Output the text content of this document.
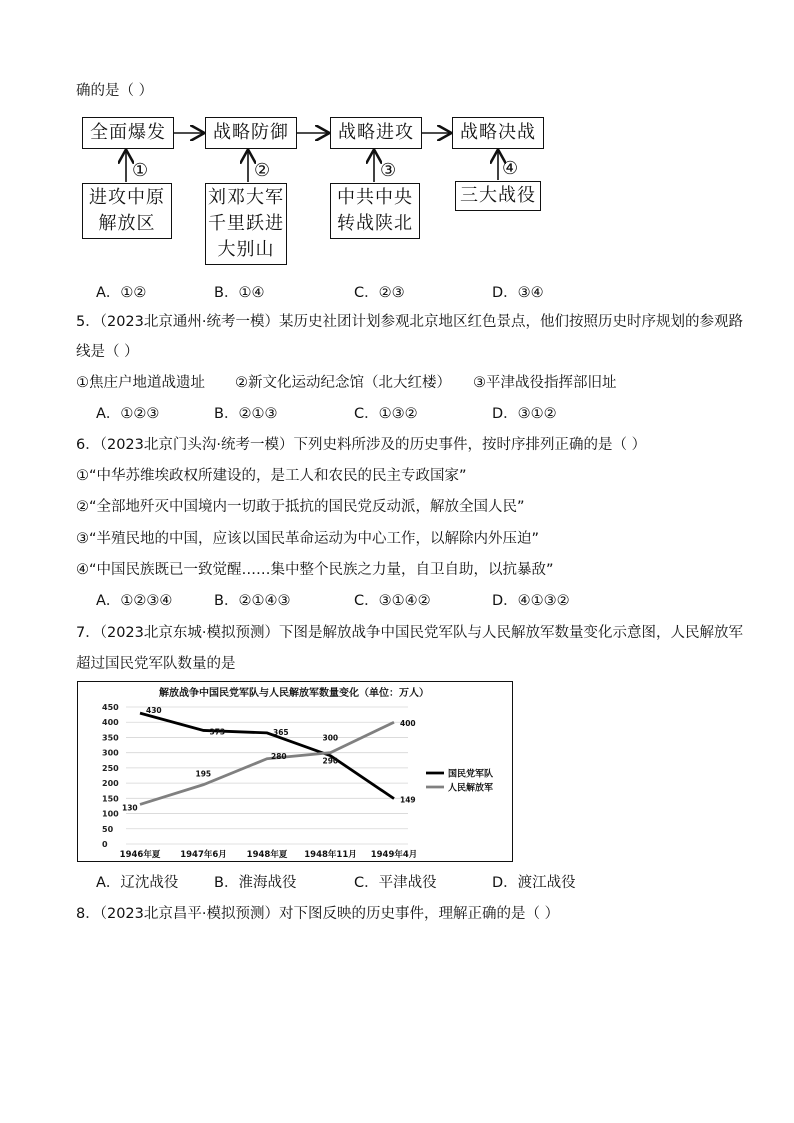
确的是（ ）
全面爆发	战略防御	战略进攻	战略决战
进攻中原
解放区
刘邓大军
千里跃进
大别山
中共中央
转战陕北
三大战役
①	②	③	④
A．①②	B．①④	C．②③	D．③④
5．（2023北京通州·统考一模）某历史社团计划参观北京地区红色景点，他们按照历史时序规划的参观路
线是（ ）
①焦庄户地道战遗址 ②新文化运动纪念馆（北大红楼） ③平津战役指挥部旧址
A．①②③	B．②①③	C．①③②	D．③①②
6．（2023北京门头沟·统考一模）下列史料所涉及的历史事件，按时序排列正确的是（ ）
①“中华苏维埃政权所建设的，是工人和农民的民主专政国家”
②“全部地歼灭中国境内一切敢于抵抗的国民党反动派，解放全国人民”
③“半殖民地的中国，应该以国民革命运动为中心工作，以解除内外压迫”
④“中国民族既已一致觉醒……集中整个民族之力量，自卫自助，以抗暴敌”
A．①②③④	B．②①④③	C．③①④②	D．④①③②
7．（2023北京东城·模拟预测）下图是解放战争中国民党军队与人民解放军数量变化示意图，人民解放军
超过国民党军队数量的是
解放战争中国民党军队与人民解放军数量变化（单位：万人）
0
50
100
150
200
250
300
350
400
450
1946年夏 1947年6月 1948年夏 1948年11月 1949年4月
430
373	365
290
149
130
195
280
300
400
国民党军队
人民解放军
A．辽沈战役 B．淮海战役	C．平津战役	D．渡江战役
8．（2023北京昌平·模拟预测）对下图反映的历史事件，理解正确的是（ ）
